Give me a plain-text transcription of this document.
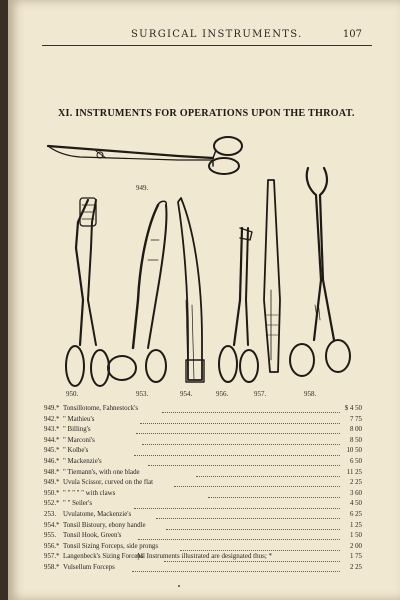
SURGICAL INSTRUMENTS.	107
XI. INSTRUMENTS FOR OPERATIONS UPON THE THROAT.
949.
950.	953.	954.	956.	957.	958.
949.* Tonsillotome, Fahnestock's	$ 4 50
942.* " Mathieu's	7 75
943.* " Billing's	8 00
944.* " Marconi's	8 50
945.* " Kolbe's	10 50
946.* " Mackenzie's	6 50
948.* " Tiemann's, with one blade	11 25
949.* Uvula Scissor, curved on the flat	2 25
950.* " " " " " with claws	3 60
952.* " " Seiler's	4 50
253. Uvulatome, Mackenzie's	6 25
954.* Tonsil Bistoury, ebony handle	1 25
955. Tonsil Hook, Green's	1 50
956.* Tonsil Sizing Forceps, side prongs	2 00
957.* Langenbeck's Sizing Forceps	1 75
958.* Vulsellum Forceps	2 25
All Instruments illustrated are designated thus; *
